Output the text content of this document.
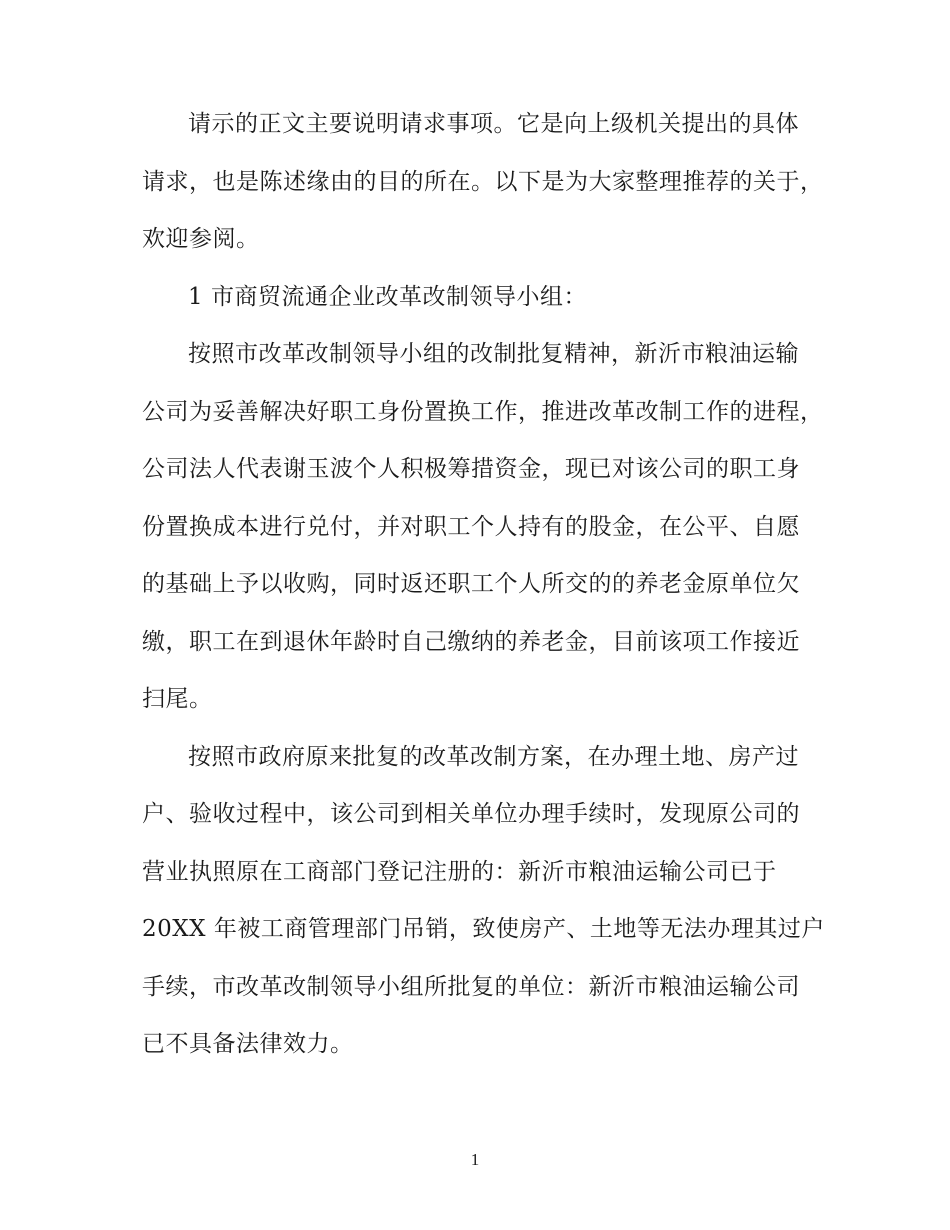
请示的正文主要说明请求事项。它是向上级机关提出的具体
请求，也是陈述缘由的目的所在。以下是为大家整理推荐的关于，
欢迎参阅。
1 市商贸流通企业改革改制领导小组：
按照市改革改制领导小组的改制批复精神，新沂市粮油运输
公司为妥善解决好职工身份置换工作，推进改革改制工作的进程，
公司法人代表谢玉波个人积极筹措资金，现已对该公司的职工身
份置换成本进行兑付，并对职工个人持有的股金，在公平、自愿
的基础上予以收购，同时返还职工个人所交的的养老金原单位欠
缴，职工在到退休年龄时自己缴纳的养老金，目前该项工作接近
扫尾。
按照市政府原来批复的改革改制方案，在办理土地、房产过
户、验收过程中，该公司到相关单位办理手续时，发现原公司的
营业执照原在工商部门登记注册的：新沂市粮油运输公司已于
20XX 年被工商管理部门吊销，致使房产、土地等无法办理其过户
手续，市改革改制领导小组所批复的单位：新沂市粮油运输公司
已不具备法律效力。
1
